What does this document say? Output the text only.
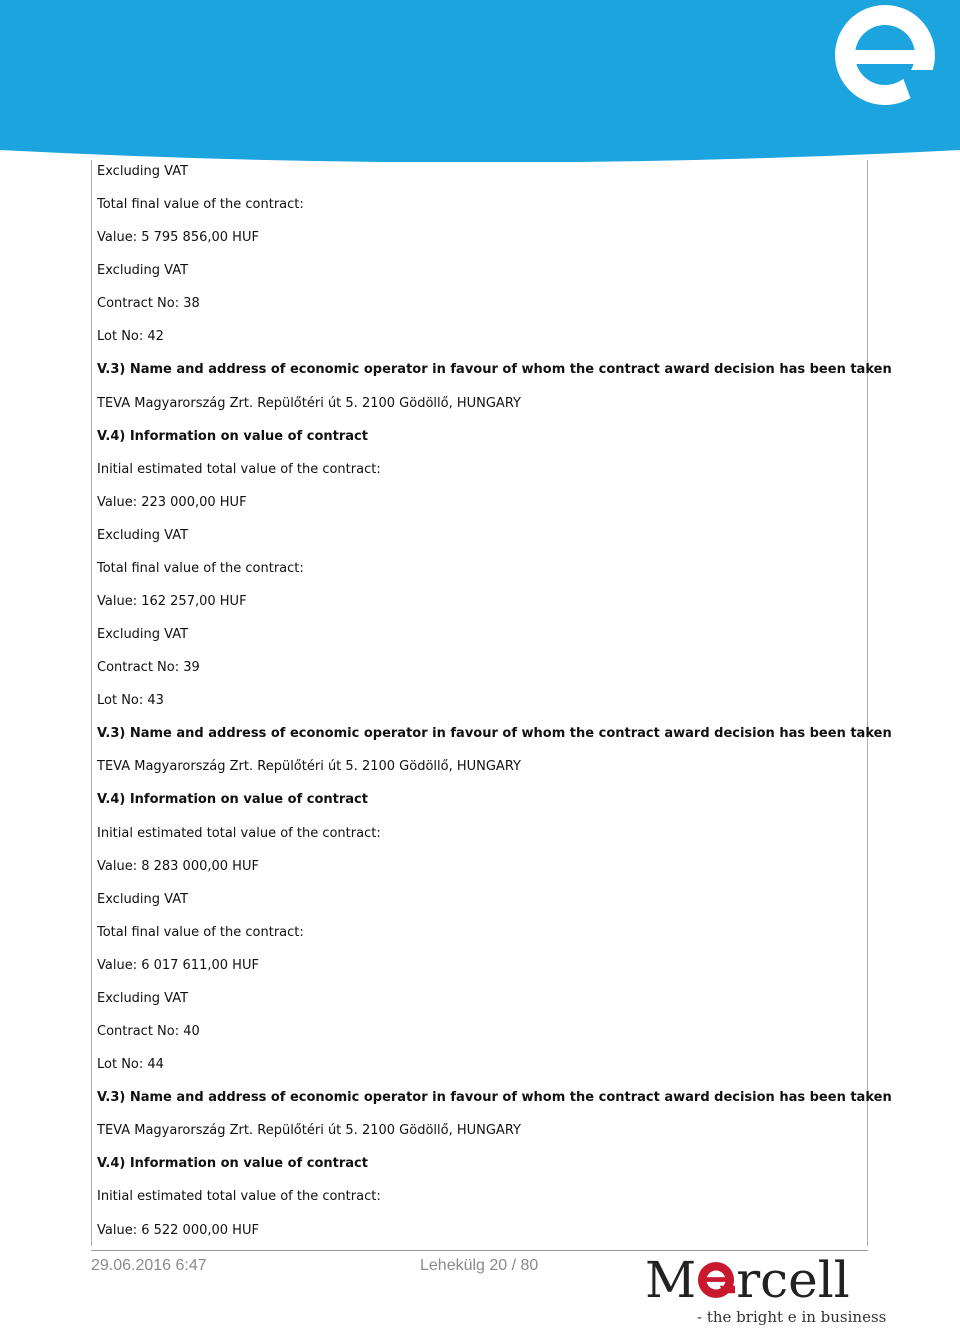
Excluding VAT
Total final value of the contract:
Value: 5 795 856,00 HUF
Excluding VAT
Contract No: 38
Lot No: 42
V.3) Name and address of economic operator in favour of whom the contract award decision has been taken
TEVA Magyarország Zrt. Repülőtéri út 5. 2100 Gödöllő, HUNGARY
V.4) Information on value of contract
Initial estimated total value of the contract:
Value: 223 000,00 HUF
Excluding VAT
Total final value of the contract:
Value: 162 257,00 HUF
Excluding VAT
Contract No: 39
Lot No: 43
V.3) Name and address of economic operator in favour of whom the contract award decision has been taken
TEVA Magyarország Zrt. Repülőtéri út 5. 2100 Gödöllő, HUNGARY
V.4) Information on value of contract
Initial estimated total value of the contract:
Value: 8 283 000,00 HUF
Excluding VAT
Total final value of the contract:
Value: 6 017 611,00 HUF
Excluding VAT
Contract No: 40
Lot No: 44
V.3) Name and address of economic operator in favour of whom the contract award decision has been taken
TEVA Magyarország Zrt. Repülőtéri út 5. 2100 Gödöllő, HUNGARY
V.4) Information on value of contract
Initial estimated total value of the contract:
Value: 6 522 000,00 HUF
29.06.2016 6:47	Lehekülg 20 / 80 M rcell
- the bright e in business
